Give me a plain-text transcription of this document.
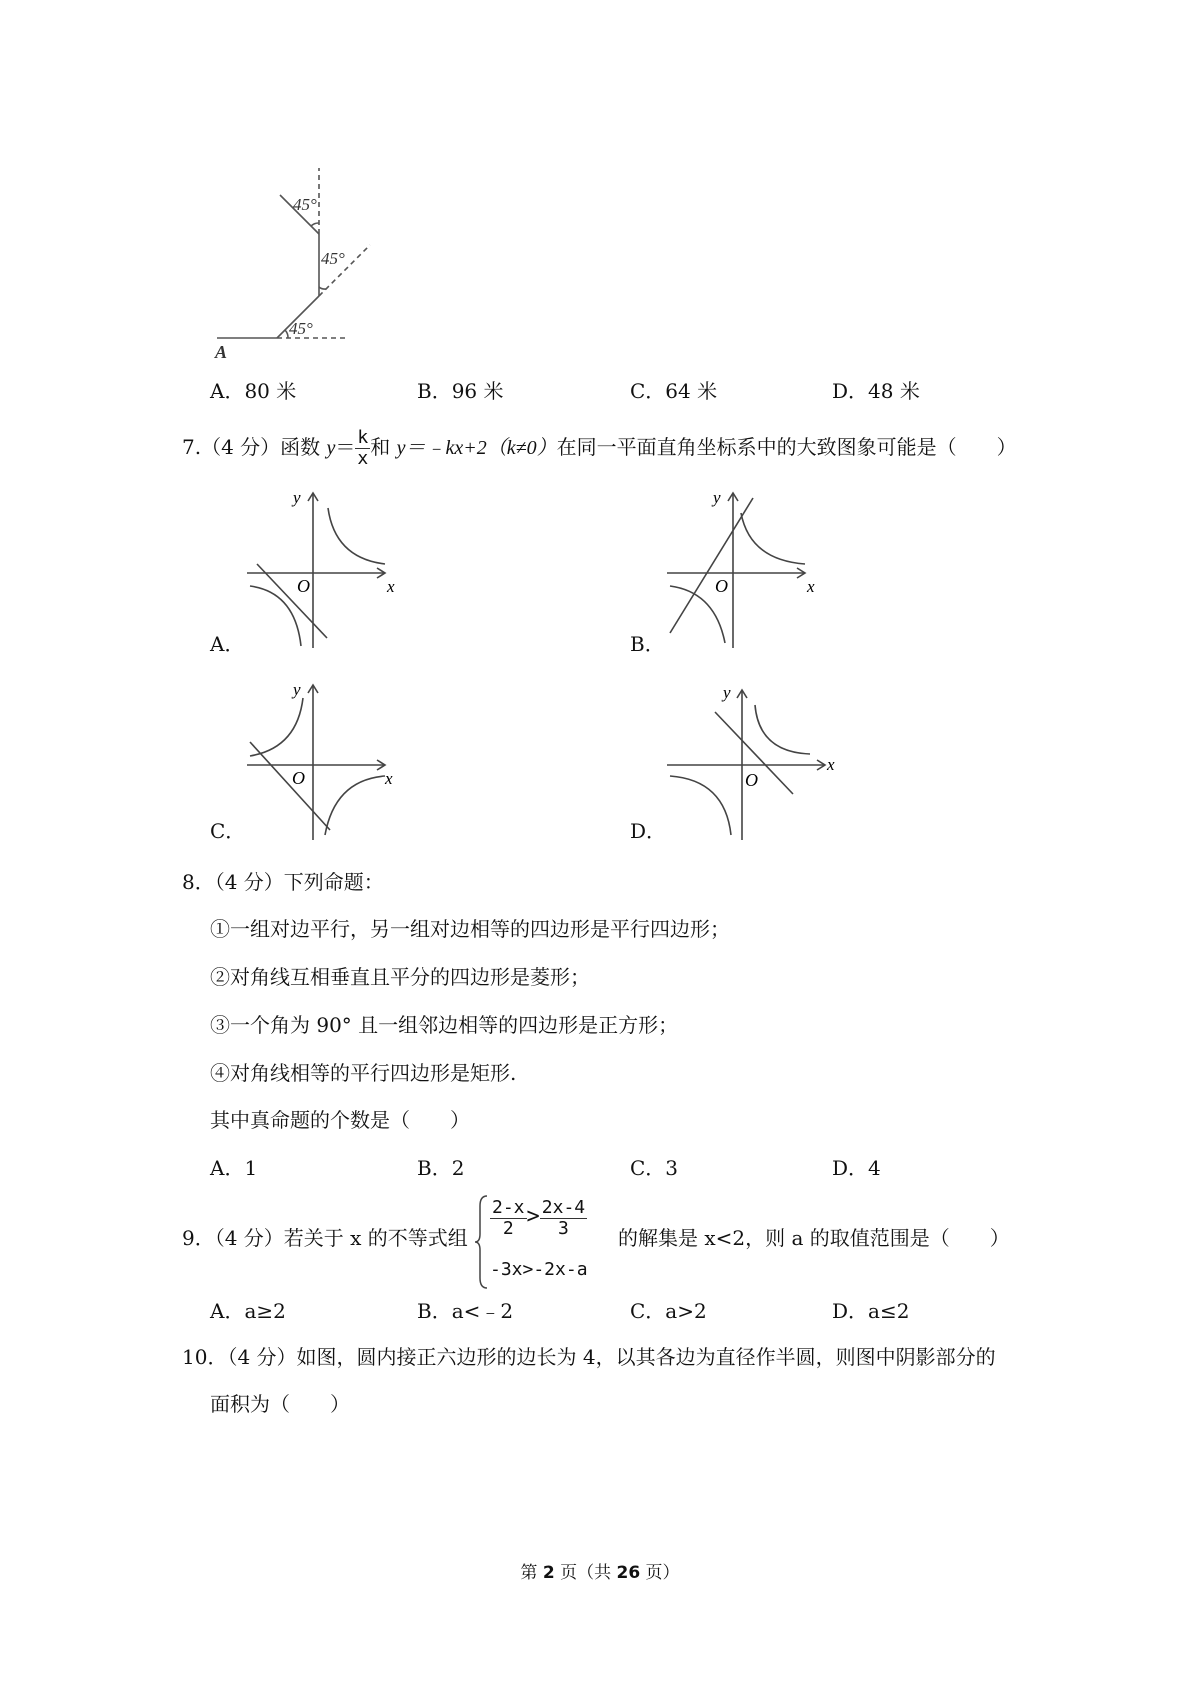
45°
45°
45°
A
A．80 米	B．96 米	C．64 米	D．48 米
7.（4 分）函数 $y= \frac{k}{x}$ 和 y＝﹣kx+2（k≠0）在同一平面直角坐标系中的大致图象可能是（　　）
y
O	x
y
O	x
A．	B．
y
O	x
y
O
x
C．	D．
8．（4 分）下列命题：
①一组对边平行，另一组对边相等的四边形是平行四边形；
②对角线互相垂直且平分的四边形是菱形；
③一个角为 90° 且一组邻边相等的四边形是正方形；
④对角线相等的平行四边形是矩形.
其中真命题的个数是（　　）
A．1	B．2	C．3	D．4
9．（4 分）若关于 x 的不等式组 $\frac{2-x}{2} > \frac{2x-4}{3}$
-3x>-2x-a
的解集是 x<2，则 a 的取值范围是（　　）
A．a≥2	B．a<﹣2	C．a>2	D．a≤2
10．（4 分）如图，圆内接正六边形的边长为 4，以其各边为直径作半圆，则图中阴影部分的
面积为（　　）
第 2 页（共 26 页）
